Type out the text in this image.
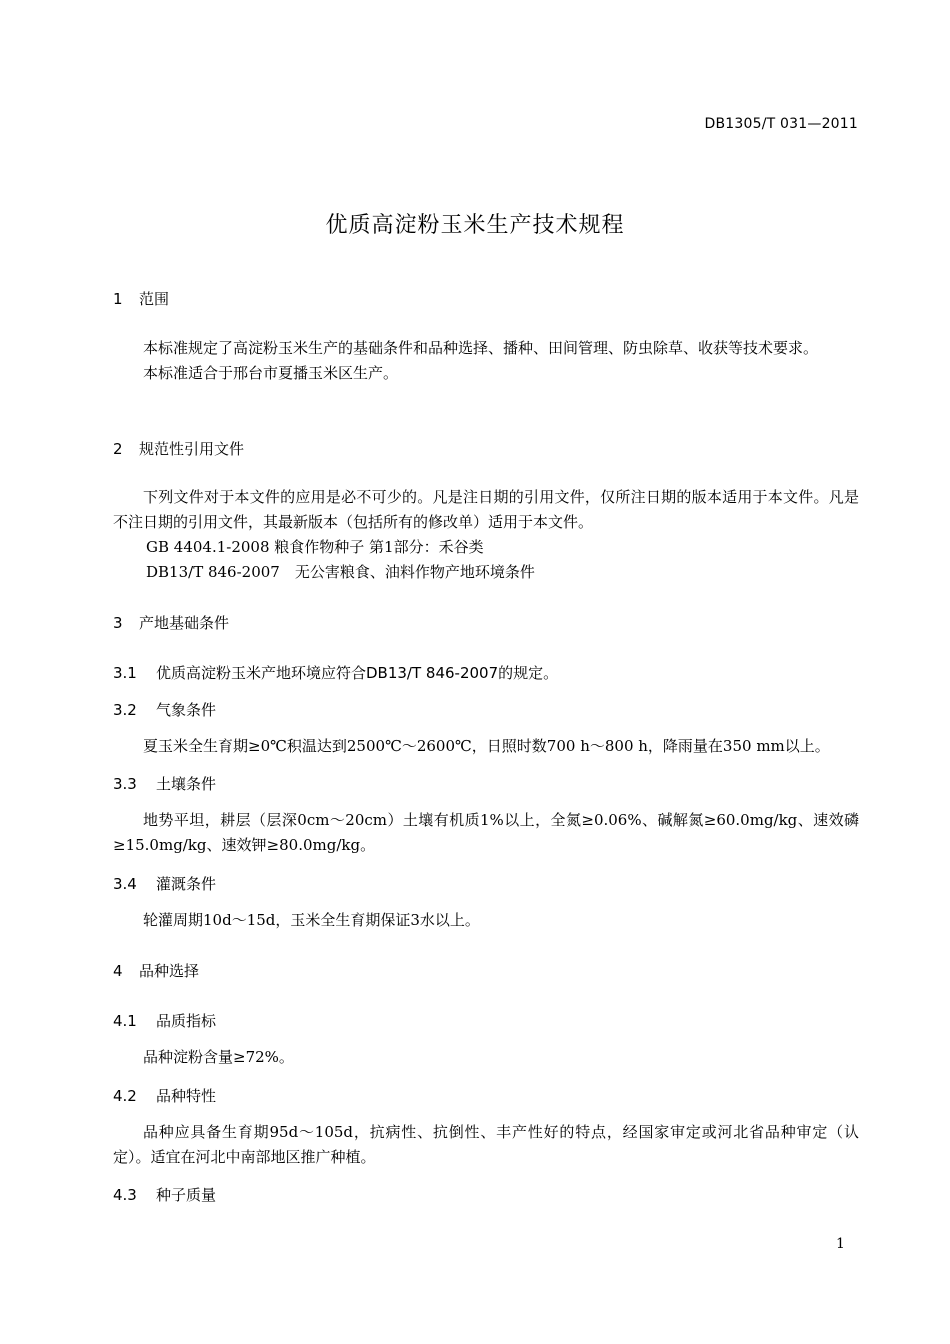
DB1305/T 031—2011
优质高淀粉玉米生产技术规程
1 范围

本标准规定了高淀粉玉米生产的基础条件和品种选择、播种、田间管理、防虫除草、收获等技术要求。

本标准适合于邢台市夏播玉米区生产。

2 规范性引用文件

下列文件对于本文件的应用是必不可少的。凡是注日期的引用文件，仅所注日期的版本适用于本文件。凡是不注日期的引用文件，其最新版本（包括所有的修改单）适用于本文件。

GB 4404.1-2008 粮食作物种子 第1部分：禾谷类
DB13/T 846-2007　无公害粮食、油料作物产地环境条件
3 产地基础条件
3.1 优质高淀粉玉米产地环境应符合DB13/T 846-2007的规定。
3.2 气象条件

夏玉米全生育期≥0℃积温达到2500℃～2600℃，日照时数700 h～800 h，降雨量在350 mm以上。

3.3 土壤条件

地势平坦，耕层（层深0cm～20cm）土壤有机质1%以上，全氮≥0.06%、碱解氮≥60.0mg/kg、速效磷≥15.0mg/kg、速效钾≥80.0mg/kg。

3.4 灌溉条件

轮灌周期10d～15d，玉米全生育期保证3水以上。

4 品种选择
4.1 品质指标

品种淀粉含量≥72%。

4.2 品种特性

品种应具备生育期95d～105d，抗病性、抗倒性、丰产性好的特点，经国家审定或河北省品种审定（认定）。适宜在河北中南部地区推广种植。

4.3 种子质量
1
